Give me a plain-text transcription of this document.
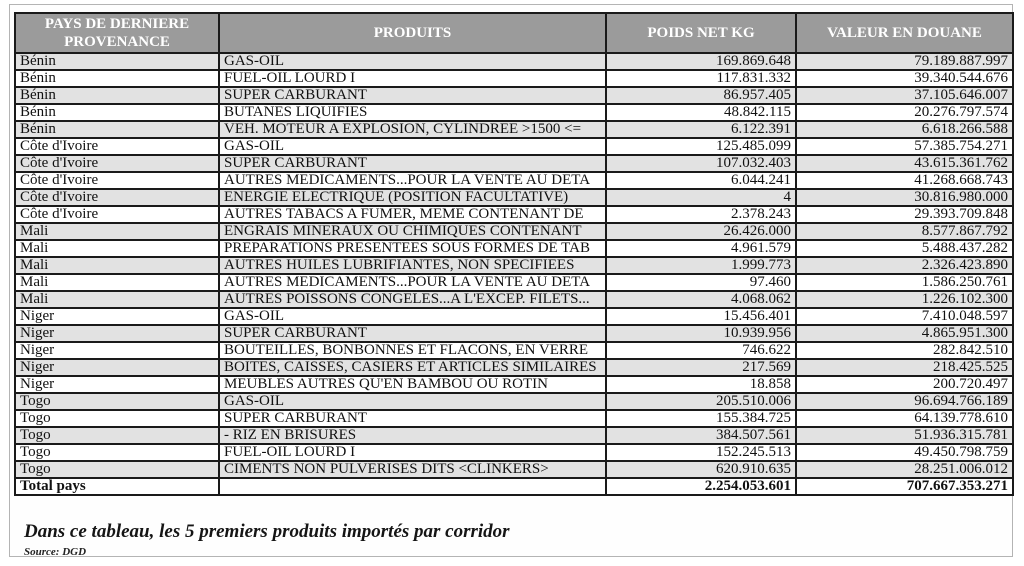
PAYS DE DERNIERE PROVENANCE	PRODUITS	POIDS NET KG	VALEUR EN DOUANE
Bénin	GAS-OIL	169.869.648	79.189.887.997
Bénin	FUEL-OIL LOURD I	117.831.332	39.340.544.676
Bénin	SUPER CARBURANT	86.957.405	37.105.646.007
Bénin	BUTANES LIQUIFIES	48.842.115	20.276.797.574
Bénin	VEH. MOTEUR A EXPLOSION, CYLINDREE >1500 <=	6.122.391	6.618.266.588
Côte d'Ivoire	GAS-OIL	125.485.099	57.385.754.271
Côte d'Ivoire	SUPER CARBURANT	107.032.403	43.615.361.762
Côte d'Ivoire	AUTRES MEDICAMENTS...POUR LA VENTE AU DETA	6.044.241	41.268.668.743
Côte d'Ivoire	ENERGIE ELECTRIQUE (POSITION FACULTATIVE)	4	30.816.980.000
Côte d'Ivoire	AUTRES TABACS A FUMER, MEME CONTENANT DE	2.378.243	29.393.709.848
Mali	ENGRAIS MINERAUX OU CHIMIQUES CONTENANT	26.426.000	8.577.867.792
Mali	PREPARATIONS PRESENTEES SOUS FORMES DE TAB	4.961.579	5.488.437.282
Mali	AUTRES HUILES LUBRIFIANTES, NON SPECIFIEES	1.999.773	2.326.423.890
Mali	AUTRES MEDICAMENTS...POUR LA VENTE AU DETA	97.460	1.586.250.761
Mali	AUTRES POISSONS CONGELES...A L'EXCEP. FILETS...	4.068.062	1.226.102.300
Niger	GAS-OIL	15.456.401	7.410.048.597
Niger	SUPER CARBURANT	10.939.956	4.865.951.300
Niger	BOUTEILLES, BONBONNES ET FLACONS, EN VERRE	746.622	282.842.510
Niger	BOITES, CAISSES, CASIERS ET ARTICLES SIMILAIRES	217.569	218.425.525
Niger	MEUBLES AUTRES QU'EN BAMBOU OU ROTIN	18.858	200.720.497
Togo	GAS-OIL	205.510.006	96.694.766.189
Togo	SUPER CARBURANT	155.384.725	64.139.778.610
Togo	- RIZ EN BRISURES	384.507.561	51.936.315.781
Togo	FUEL-OIL LOURD I	152.245.513	49.450.798.759
Togo	CIMENTS NON PULVERISES DITS <CLINKERS>	620.910.635	28.251.006.012
Total pays		2.254.053.601	707.667.353.271
Dans ce tableau, les 5 premiers produits importés par corridor
Source: DGD
